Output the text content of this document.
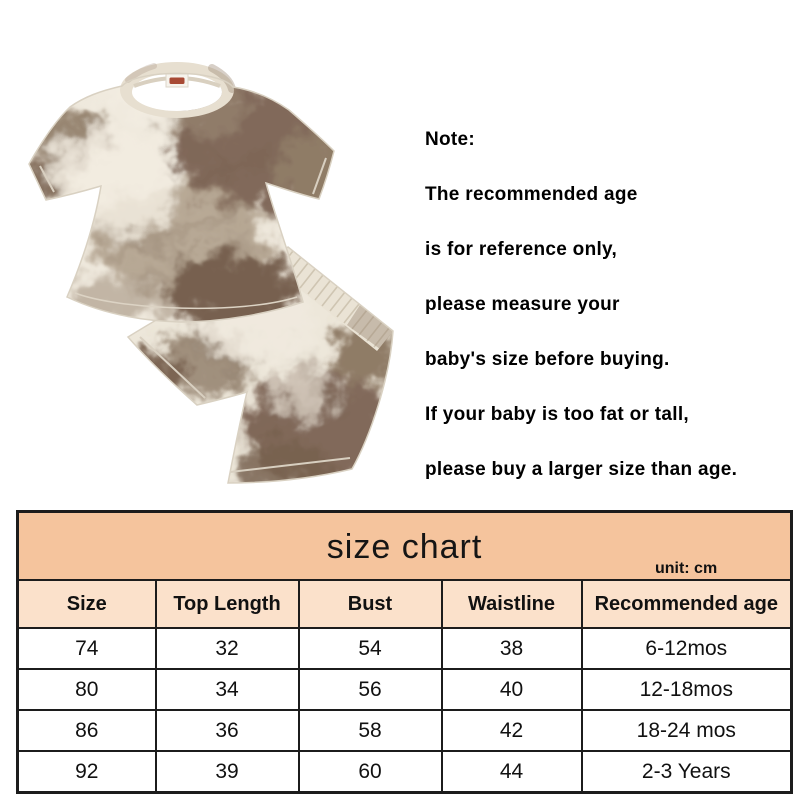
Note:
The recommended age
is for reference only,
please measure your
baby's size before buying.
If your baby is too fat or tall,
please buy a larger size than age.
size chart
unit: cm				

Size	Top Length	Bust	Waistline	Recommended age
74	32	54	38	6-12mos
80	34	56	40	12-18mos
86	36	58	42	18-24 mos
92	39	60	44	2-3 Years
